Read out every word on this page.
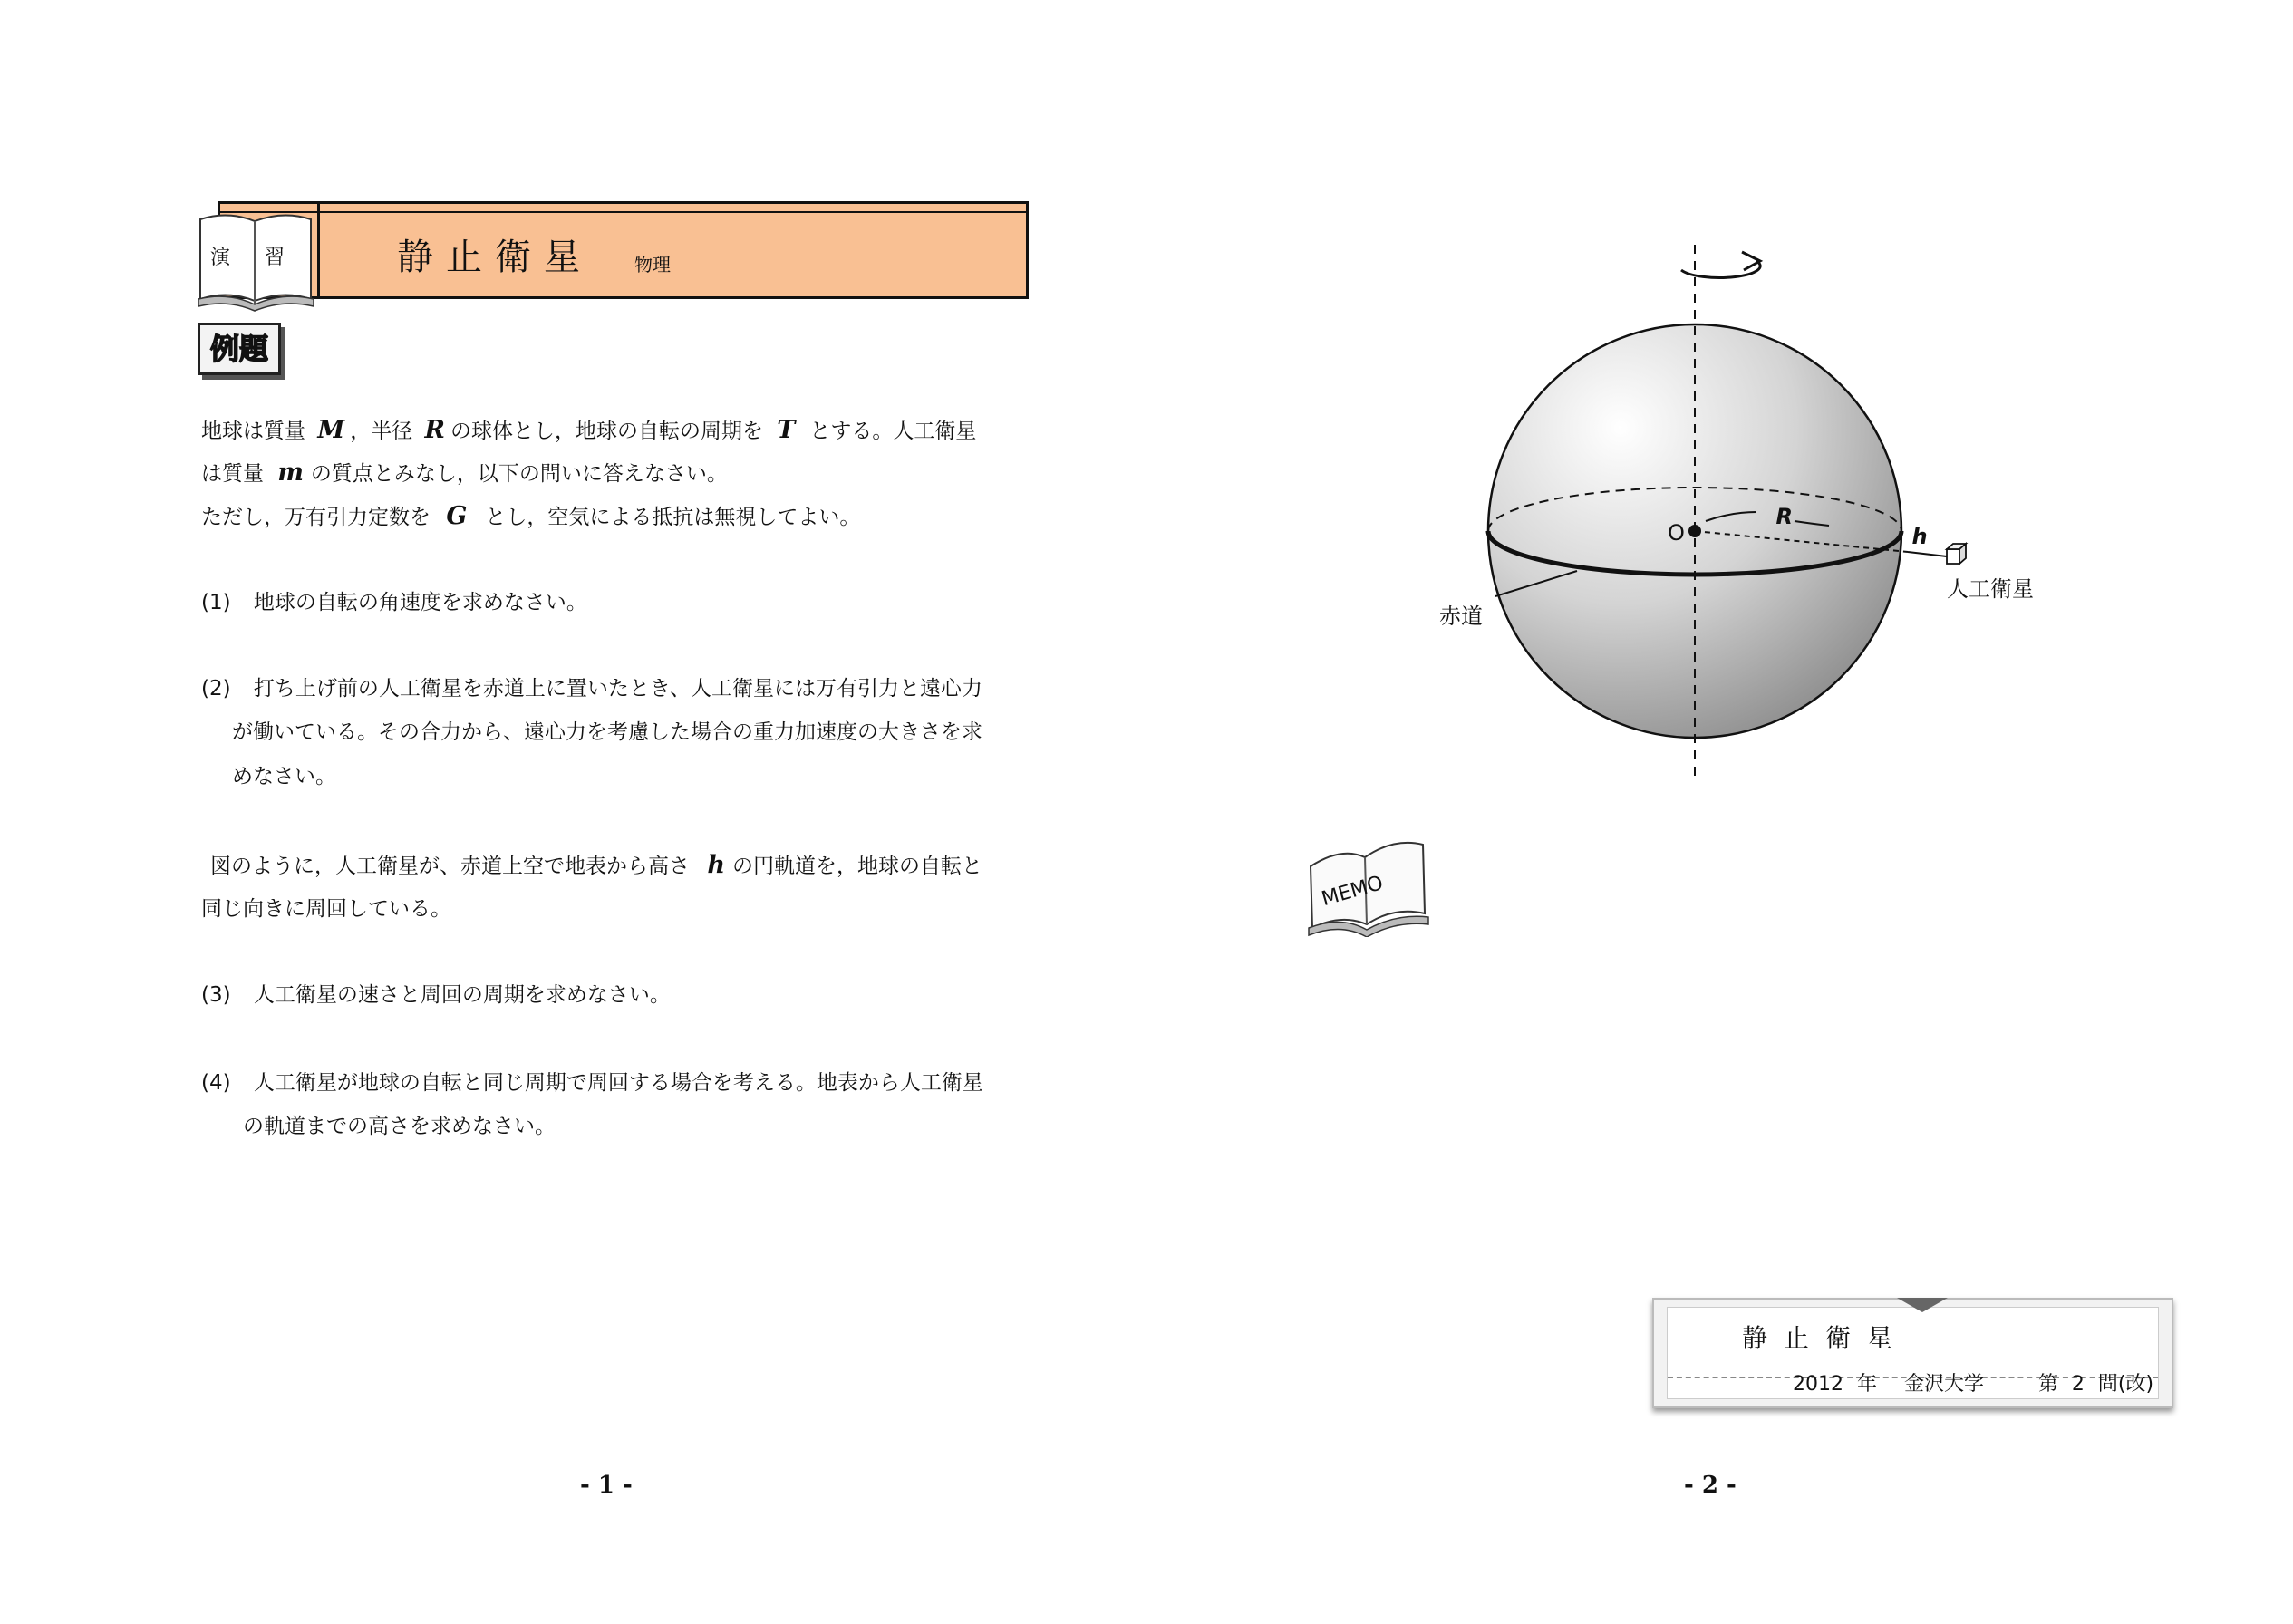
演 習	静止衛星 物理
例題
地球は質量 M ，半径 R の球体とし，地球の自転の周期を T とする。人工衛星
は質量 m の質点とみなし，以下の問いに答えなさい。
ただし，万有引力定数を G とし，空気による抵抗は無視してよい。
(1) 地球の自転の角速度を求めなさい。
(2) 打ち上げ前の人工衛星を赤道上に置いたとき、人工衛星には万有引力と遠心力
が働いている。その合力から、遠心力を考慮した場合の重力加速度の大きさを求
めなさい。
図のように，人工衛星が、赤道上空で地表から高さ h の円軌道を，地球の自転と
同じ向きに周回している。
(3) 人工衛星の速さと周回の周期を求めなさい。
(4) 人工衛星が地球の自転と同じ周期で周回する場合を考える。地表から人工衛星
の軌道までの高さを求めなさい。
- 1 -
O
R
h
人工衛星
赤道
MEMO
静止衛星
2012 年  金沢大学    第 2 問(改)
- 2 -
